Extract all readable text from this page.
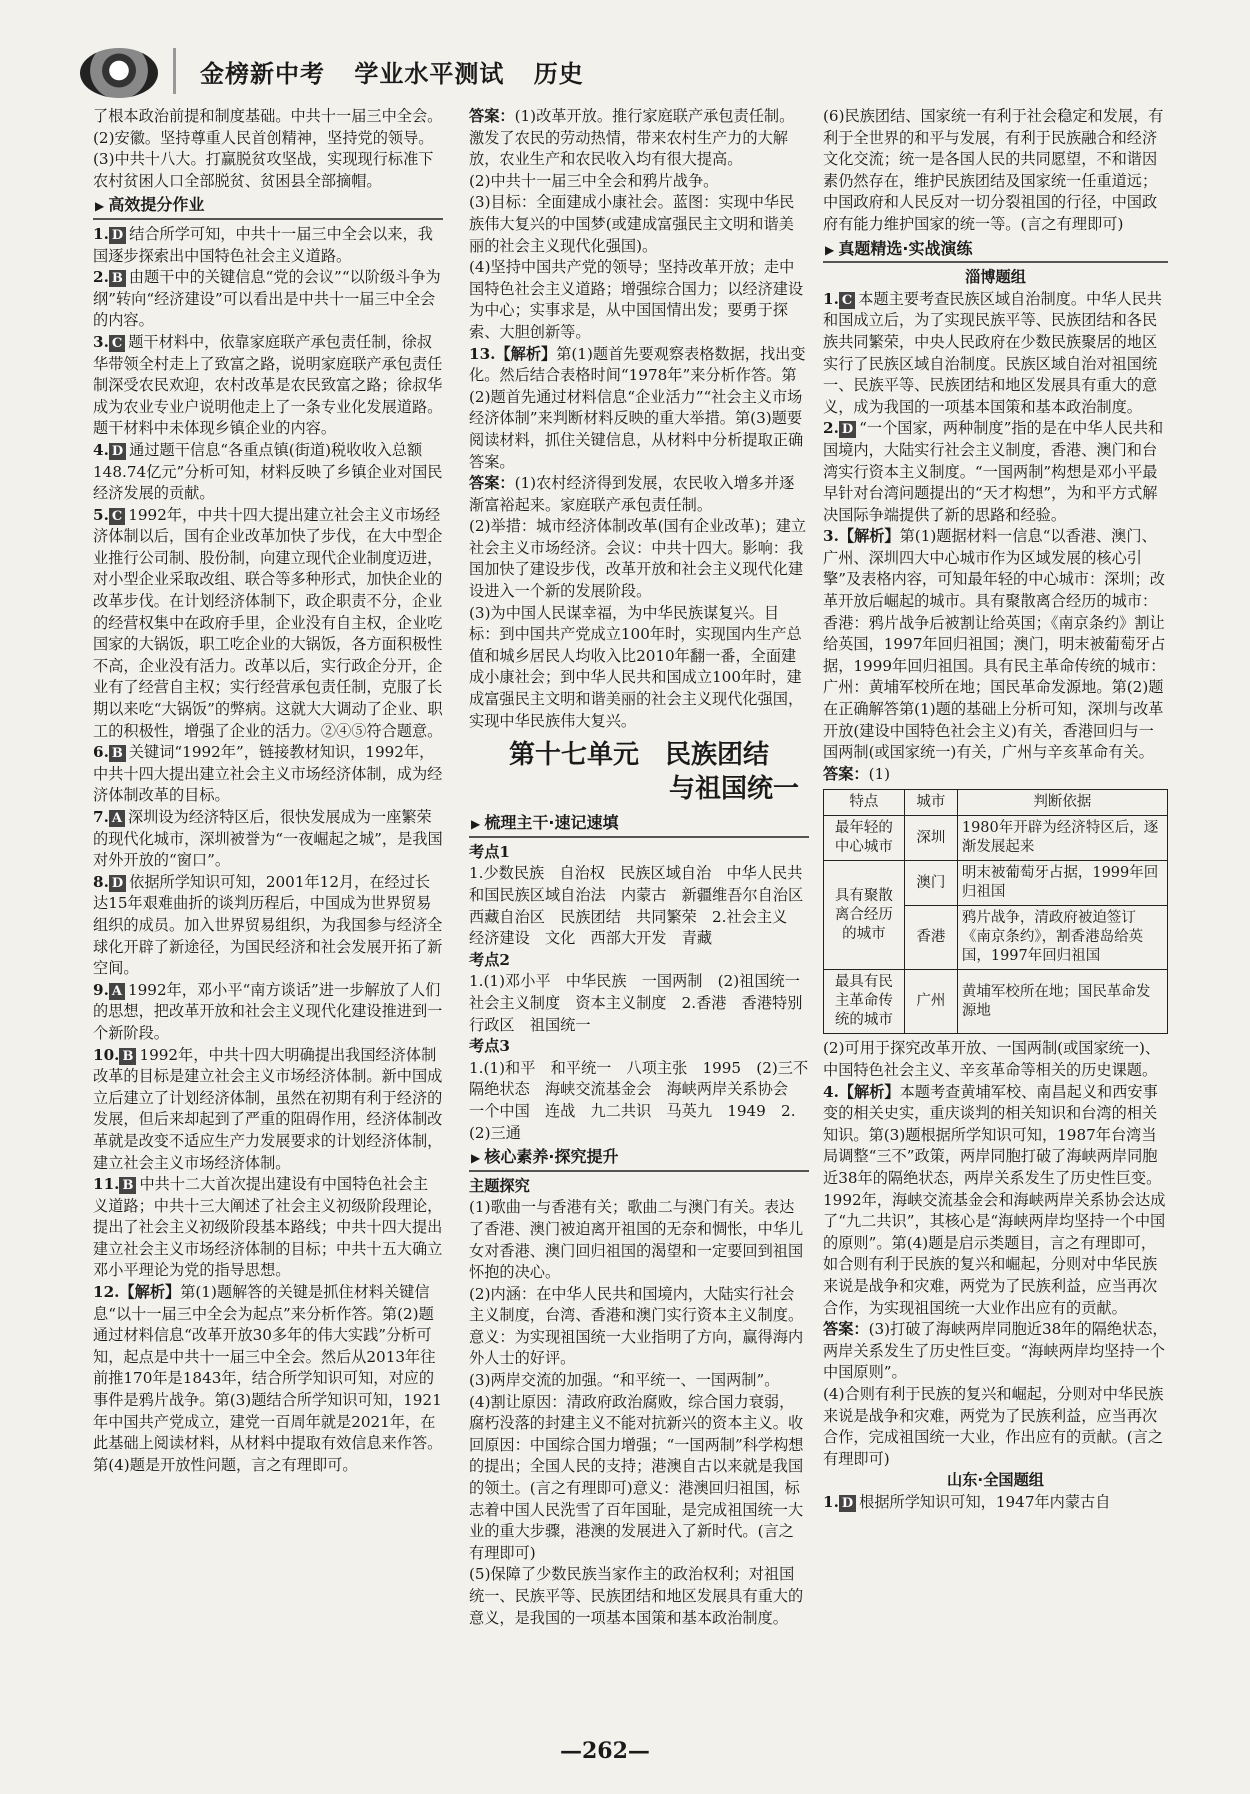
金榜新中考 学业水平测试 历史

了根本政治前提和制度基础。中共十一届三中全会。

(2)安徽。坚持尊重人民首创精神，坚持党的领导。

(3)中共十八大。打赢脱贫攻坚战，实现现行标准下农村贫困人口全部脱贫、贫困县全部摘帽。

▶ 高效提分作业

1. D 结合所学可知，中共十一届三中全会以来，我国逐步探索出中国特色社会主义道路。

2. B 由题干中的关键信息“党的会议”“以阶级斗争为纲”转向“经济建设”可以看出是中共十一届三中全会的内容。

3. C 题干材料中，依靠家庭联产承包责任制，徐叔华带领全村走上了致富之路，说明家庭联产承包责任制深受农民欢迎，农村改革是农民致富之路；徐叔华成为农业专业户说明他走上了一条专业化发展道路。题干材料中未体现乡镇企业的内容。

4. D 通过题干信息“各重点镇(街道)税收收入总额148.74亿元”分析可知，材料反映了乡镇企业对国民经济发展的贡献。

5. C 1992年，中共十四大提出建立社会主义市场经济体制以后，国有企业改革加快了步伐，在大中型企业推行公司制、股份制，向建立现代企业制度迈进，对小型企业采取改组、联合等多种形式，加快企业的改革步伐。在计划经济体制下，政企职责不分，企业的经营权集中在政府手里，企业没有自主权，企业吃国家的大锅饭，职工吃企业的大锅饭，各方面积极性不高，企业没有活力。改革以后，实行政企分开，企业有了经营自主权；实行经营承包责任制，克服了长期以来吃“大锅饭”的弊病。这就大大调动了企业、职工的积极性，增强了企业的活力。②④⑤符合题意。

6. B 关键词“1992年”，链接教材知识，1992年，中共十四大提出建立社会主义市场经济体制，成为经济体制改革的目标。

7. A 深圳设为经济特区后，很快发展成为一座繁荣的现代化城市，深圳被誉为“一夜崛起之城”，是我国对外开放的“窗口”。

8. D 依据所学知识可知，2001年12月，在经过长达15年艰难曲折的谈判历程后，中国成为世界贸易组织的成员。加入世界贸易组织，为我国参与经济全球化开辟了新途径，为国民经济和社会发展开拓了新空间。

9. A 1992年，邓小平“南方谈话”进一步解放了人们的思想，把改革开放和社会主义现代化建设推进到一个新阶段。

10. B 1992年，中共十四大明确提出我国经济体制改革的目标是建立社会主义市场经济体制。新中国成立后建立了计划经济体制，虽然在初期有利于经济的发展，但后来却起到了严重的阻碍作用，经济体制改革就是改变不适应生产力发展要求的计划经济体制，建立社会主义市场经济体制。

11. B 中共十二大首次提出建设有中国特色社会主义道路；中共十三大阐述了社会主义初级阶段理论，提出了社会主义初级阶段基本路线；中共十四大提出建立社会主义市场经济体制的目标；中共十五大确立邓小平理论为党的指导思想。

12.【解析】第(1)题解答的关键是抓住材料关键信息“以十一届三中全会为起点”来分析作答。第(2)题通过材料信息“改革开放30多年的伟大实践”分析可知，起点是中共十一届三中全会。然后从2013年往前推170年是1843年，结合所学知识可知，对应的事件是鸦片战争。第(3)题结合所学知识可知，1921年中国共产党成立，建党一百周年就是2021年，在此基础上阅读材料，从材料中提取有效信息来作答。第(4)题是开放性问题，言之有理即可。

答案：(1)改革开放。推行家庭联产承包责任制。激发了农民的劳动热情，带来农村生产力的大解放，农业生产和农民收入均有很大提高。

(2)中共十一届三中全会和鸦片战争。

(3)目标：全面建成小康社会。蓝图：实现中华民族伟大复兴的中国梦(或建成富强民主文明和谐美丽的社会主义现代化强国)。

(4)坚持中国共产党的领导；坚持改革开放；走中国特色社会主义道路；增强综合国力；以经济建设为中心；实事求是，从中国国情出发；要勇于探索、大胆创新等。

13.【解析】第(1)题首先要观察表格数据，找出变化。然后结合表格时间“1978年”来分析作答。第(2)题首先通过材料信息“企业活力”“社会主义市场经济体制”来判断材料反映的重大举措。第(3)题要阅读材料，抓住关键信息，从材料中分析提取正确答案。

答案：(1)农村经济得到发展，农民收入增多并逐渐富裕起来。家庭联产承包责任制。

(2)举措：城市经济体制改革(国有企业改革)；建立社会主义市场经济。会议：中共十四大。影响：我国加快了建设步伐，改革开放和社会主义现代化建设进入一个新的发展阶段。

(3)为中国人民谋幸福，为中华民族谋复兴。目标：到中国共产党成立100年时，实现国内生产总值和城乡居民人均收入比2010年翻一番，全面建成小康社会；到中华人民共和国成立100年时，建成富强民主文明和谐美丽的社会主义现代化强国，实现中华民族伟大复兴。

第十七单元　民族团结
与祖国统一
▶ 梳理主干·速记速填

考点1

1.少数民族　自治权　民族区域自治　中华人民共和国民族区域自治法　内蒙古　新疆维吾尔自治区　西藏自治区　民族团结　共同繁荣　2.社会主义　经济建设　文化　西部大开发　青藏

考点2

1.(1)邓小平　中华民族　一国两制　(2)祖国统一　社会主义制度　资本主义制度　2.香港　香港特别行政区　祖国统一

考点3

1.(1)和平　和平统一　八项主张　1995　(2)三不　隔绝状态　海峡交流基金会　海峡两岸关系协会　一个中国　连战　九二共识　马英九　1949　2.(2)三通

▶ 核心素养·探究提升

主题探究

(1)歌曲一与香港有关；歌曲二与澳门有关。表达了香港、澳门被迫离开祖国的无奈和惆怅，中华儿女对香港、澳门回归祖国的渴望和一定要回到祖国怀抱的决心。

(2)内涵：在中华人民共和国境内，大陆实行社会主义制度，台湾、香港和澳门实行资本主义制度。意义：为实现祖国统一大业指明了方向，赢得海内外人士的好评。

(3)两岸交流的加强。“和平统一、一国两制”。

(4)割让原因：清政府政治腐败，综合国力衰弱，腐朽没落的封建主义不能对抗新兴的资本主义。收回原因：中国综合国力增强；“一国两制”科学构想的提出；全国人民的支持；港澳自古以来就是我国的领土。(言之有理即可)意义：港澳回归祖国，标志着中国人民洗雪了百年国耻，是完成祖国统一大业的重大步骤，港澳的发展进入了新时代。(言之有理即可)

(5)保障了少数民族当家作主的政治权利；对祖国统一、民族平等、民族团结和地区发展具有重大的意义，是我国的一项基本国策和基本政治制度。

(6)民族团结、国家统一有利于社会稳定和发展，有利于全世界的和平与发展，有利于民族融合和经济文化交流；统一是各国人民的共同愿望，不和谐因素仍然存在，维护民族团结及国家统一任重道远；中国政府和人民反对一切分裂祖国的行径，中国政府有能力维护国家的统一等。(言之有理即可)

▶ 真题精选·实战演练

淄博题组

1. C 本题主要考查民族区域自治制度。中华人民共和国成立后，为了实现民族平等、民族团结和各民族共同繁荣，中央人民政府在少数民族聚居的地区实行了民族区域自治制度。民族区域自治对祖国统一、民族平等、民族团结和地区发展具有重大的意义，成为我国的一项基本国策和基本政治制度。

2. D “一个国家，两种制度”指的是在中华人民共和国境内，大陆实行社会主义制度，香港、澳门和台湾实行资本主义制度。“一国两制”构想是邓小平最早针对台湾问题提出的“天才构想”，为和平方式解决国际争端提供了新的思路和经验。

3.【解析】第(1)题据材料一信息“以香港、澳门、广州、深圳四大中心城市作为区域发展的核心引擎”及表格内容，可知最年轻的中心城市：深圳；改革开放后崛起的城市。具有聚散离合经历的城市：香港：鸦片战争后被割让给英国；《南京条约》割让给英国，1997年回归祖国；澳门，明末被葡萄牙占据，1999年回归祖国。具有民主革命传统的城市：广州：黄埔军校所在地；国民革命发源地。第(2)题在正确解答第(1)题的基础上分析可知，深圳与改革开放(建设中国特色社会主义)有关，香港回归与一国两制(或国家统一)有关，广州与辛亥革命有关。

答案：(1)

特点	城市	判断依据
最年轻的中心城市	深圳	1980年开辟为经济特区后，逐渐发展起来
具有聚散离合经历的城市	澳门	明末被葡萄牙占据，1999年回归祖国
	香港	鸦片战争，清政府被迫签订《南京条约》，割香港岛给英国，1997年回归祖国
最具有民主革命传统的城市	广州	黄埔军校所在地；国民革命发源地

(2)可用于探究改革开放、一国两制(或国家统一)、中国特色社会主义、辛亥革命等相关的历史课题。

4.【解析】本题考查黄埔军校、南昌起义和西安事变的相关史实，重庆谈判的相关知识和台湾的相关知识。第(3)题根据所学知识可知，1987年台湾当局调整“三不”政策，两岸同胞打破了海峡两岸同胞近38年的隔绝状态，两岸关系发生了历史性巨变。1992年，海峡交流基金会和海峡两岸关系协会达成了“九二共识”，其核心是“海峡两岸均坚持一个中国的原则”。第(4)题是启示类题目，言之有理即可，如合则有利于民族的复兴和崛起，分则对中华民族来说是战争和灾难，两党为了民族利益，应当再次合作，为实现祖国统一大业作出应有的贡献。

答案：(3)打破了海峡两岸同胞近38年的隔绝状态，两岸关系发生了历史性巨变。“海峡两岸均坚持一个中国原则”。

(4)合则有利于民族的复兴和崛起，分则对中华民族来说是战争和灾难，两党为了民族利益，应当再次合作，完成祖国统一大业，作出应有的贡献。(言之有理即可)

山东·全国题组

1. D 根据所学知识可知，1947年内蒙古自

—262—
